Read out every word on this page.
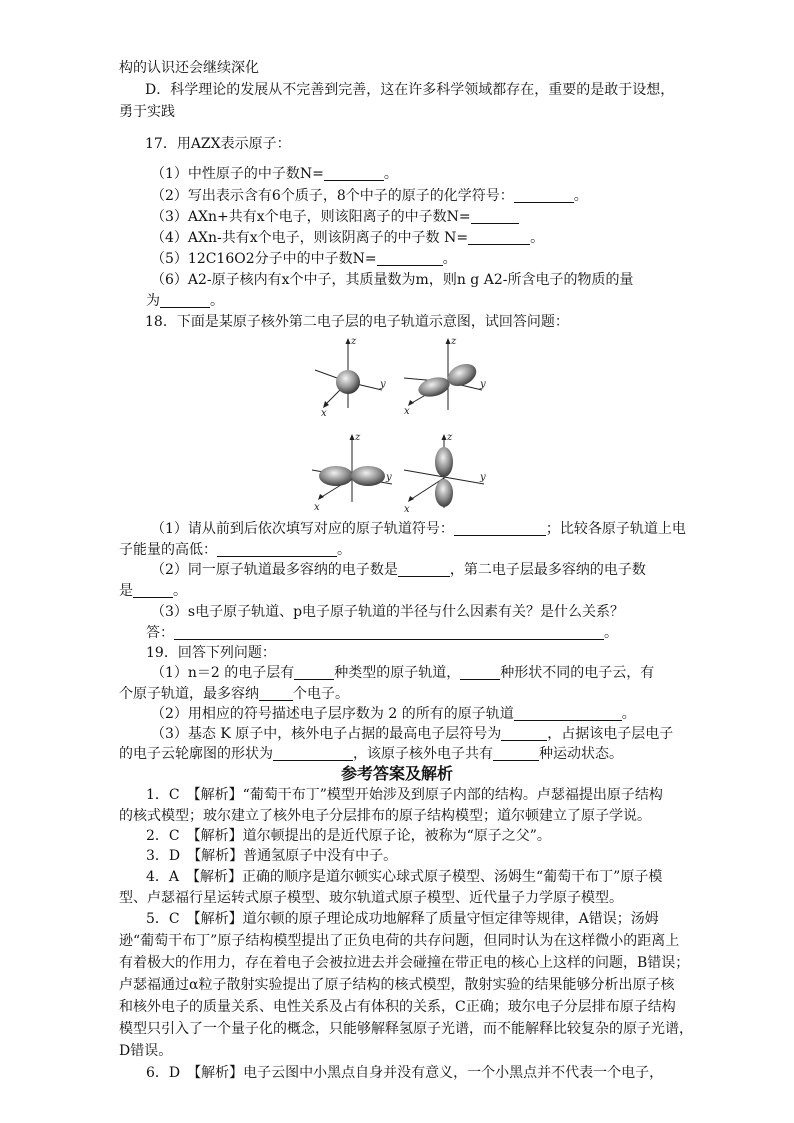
构的认识还会继续深化
D．科学理论的发展从不完善到完善，这在许多科学领域都存在，重要的是敢于设想，
勇于实践
17．用AZX表示原子：
（1）中性原子的中子数N=	。
（2）写出表示含有6个质子，8个中子的原子的化学符号：	。
（3）AXn+共有x个电子，则该阳离子的中子数N=
（4）AXn-共有x个电子，则该阴离子的中子数 N=	。
（5）12C16O2分子中的中子数N=	。
（6）A2-原子核内有x个中子，其质量数为m，则n g A2-所含电子的物质的量
为	。
18．下面是某原子核外第二电子层的电子轨道示意图，试回答问题：
z
x
y
z
x
y
z
x
y
z
x
y
（1）请从前到后依次填写对应的原子轨道符号：	；比较各原子轨道上电
子能量的高低：	。
（2）同一原子轨道最多容纳的电子数是	，第二电子层最多容纳的电子数
是	。
（3）s电子原子轨道、p电子原子轨道的半径与什么因素有关？是什么关系？
答：	。
19．回答下列问题：
（1）n＝2 的电子层有	种类型的原子轨道，	种形状不同的电子云，有
个原子轨道，最多容纳 个电子。
（2）用相应的符号描述电子层序数为 2 的所有的原子轨道	。
（3）基态 K 原子中，核外电子占据的最高电子层符号为	，占据该电子层电子
的电子云轮廓图的形状为	，该原子核外电子共有	种运动状态。
参考答案及解析
1．C　【解析】“葡萄干布丁”模型开始涉及到原子内部的结构。卢瑟福提出原子结构
的核式模型；玻尔建立了核外电子分层排布的原子结构模型；道尔顿建立了原子学说。
2．C　【解析】道尔顿提出的是近代原子论，被称为“原子之父”。
3．D　【解析】普通氢原子中没有中子。
4．A　【解析】正确的顺序是道尔顿实心球式原子模型、汤姆生“葡萄干布丁”原子模
型、卢瑟福行星运转式原子模型、玻尔轨道式原子模型、近代量子力学原子模型。
5．C　【解析】道尔顿的原子理论成功地解释了质量守恒定律等规律，A错误；汤姆
逊“葡萄干布丁”原子结构模型提出了正负电荷的共存问题，但同时认为在这样微小的距离上
有着极大的作用力，存在着电子会被拉进去并会碰撞在带正电的核心上这样的问题，B错误；
卢瑟福通过α粒子散射实验提出了原子结构的核式模型，散射实验的结果能够分析出原子核
和核外电子的质量关系、电性关系及占有体积的关系，C正确；玻尔电子分层排布原子结构
模型只引入了一个量子化的概念，只能够解释氢原子光谱，而不能解释比较复杂的原子光谱，
D错误。
6．D　【解析】电子云图中小黑点自身并没有意义，一个小黑点并不代表一个电子，
